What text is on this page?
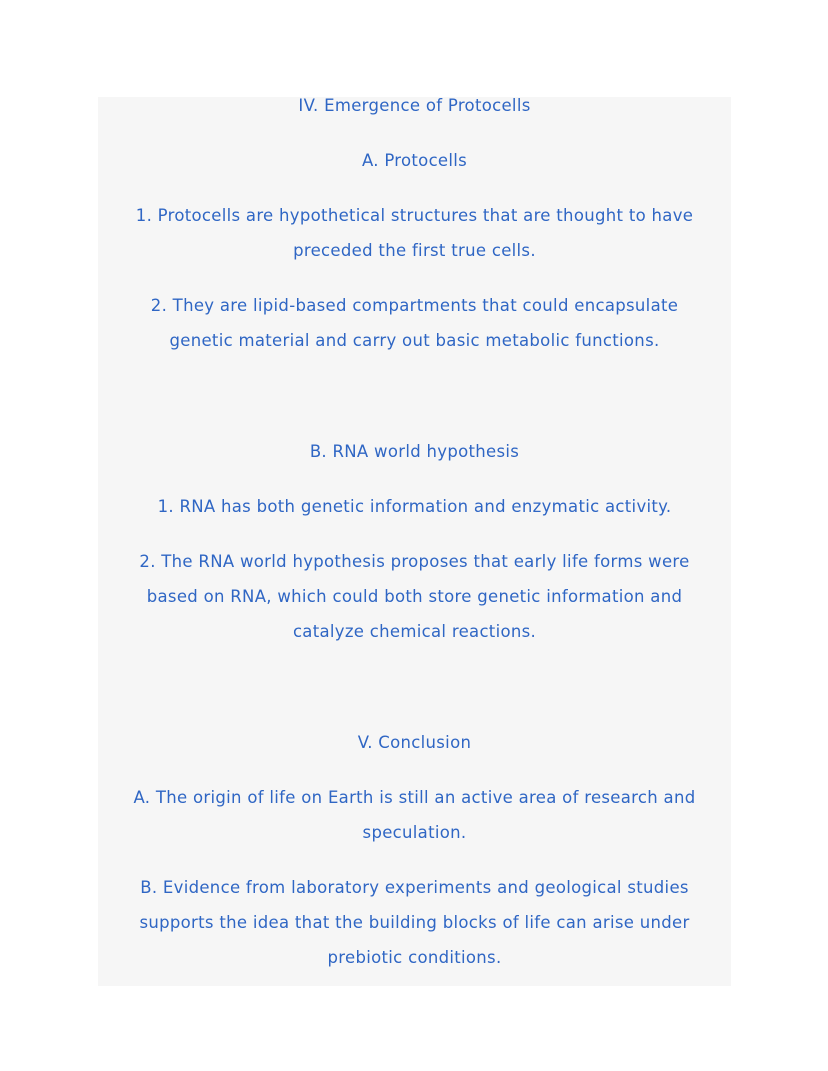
IV. Emergence of Protocells
A. Protocells
1. Protocells are hypothetical structures that are thought to have
preceded the first true cells.
2. They are lipid-based compartments that could encapsulate
genetic material and carry out basic metabolic functions.
B. RNA world hypothesis
1. RNA has both genetic information and enzymatic activity.
2. The RNA world hypothesis proposes that early life forms were
based on RNA, which could both store genetic information and
catalyze chemical reactions.
V. Conclusion
A. The origin of life on Earth is still an active area of research and
speculation.
B. Evidence from laboratory experiments and geological studies
supports the idea that the building blocks of life can arise under
prebiotic conditions.
